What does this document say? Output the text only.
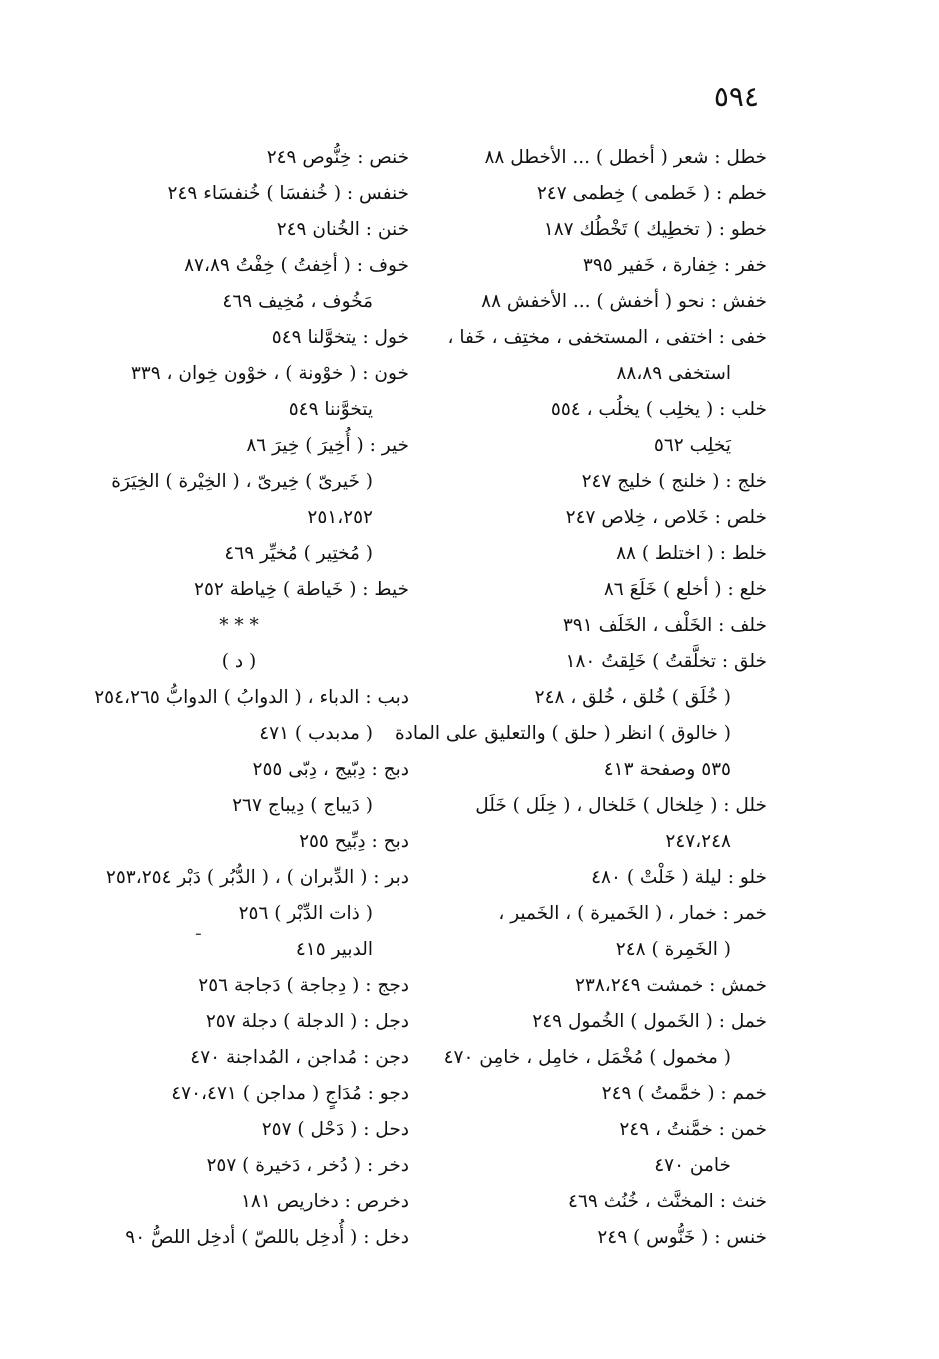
٥٩٤
خطل : شعر ( أخطل ) ... الأخطل ٨٨
خطم : ( خَطمى ) خِطمى ٢٤٧
خطو : ( تخطِيك ) تَخْطُك ١٨٧
خفر : خِفارة ، خَفير ٣٩٥
خفش : نحو ( أخفش ) ... الأخفش ٨٨
خفى : اختفى ، المستخفى ، مختِف ، خَفا ،
استخفى ٨٨،٨٩
خلب : ( يخلِب ) يخلُب ، ٥٥٤
يَخلِب ٥٦٢
خلج : ( خلنج ) خليج ٢٤٧
خلص : خَلاص ، خِلاص ٢٤٧
خلط : ( اختلط ) ٨٨
خلع : ( أخلع ) خَلَعَ ٨٦
خلف : الخَلْف ، الخَلَف ٣٩١
خلق : تخلَّقتُ ) خَلِقتُ ١٨٠
( خُلَق ) خُلق ، خُلق ، ٢٤٨
( خالوق ) انظر ( حلق ) والتعليق على المادة
٥٣٥ وصفحة ٤١٣
خلل : ( خِلخال ) خَلخال ، ( خِلَل ) خَلَل
٢٤٧،٢٤٨
خلو : ليلة ( خَلْتْ ) ٤٨٠
خمر : خمار ، ( الخَميرة ) ، الخَمير ،
( الخَمِرة ) ٢٤٨
خمش : خمشت ٢٣٨،٢٤٩
خمل : ( الخَمول ) الخُمول ٢٤٩
( مخمول ) مُخْمَل ، خامِل ، خامِن ٤٧٠
خمم : ( خمَّمتُ ) ٢٤٩
خمن : خمَّنتُ ، ٢٤٩
خامن ٤٧٠
خنث : المخنَّث ، خُنُث ٤٦٩
خنس : ( خَنُّوس ) ٢٤٩
خنص : خِنُّوص ٢٤٩
خنفس : ( خُنفسَا ) خُنفسَاء ٢٤٩
خنن : الخُنان ٢٤٩
خوف : ( أخِفتُ ) خِفْتُ ٨٧،٨٩
مَخُوف ، مُخِيف ٤٦٩
خول : يتخوَّلنا ٥٤٩
خون : ( خوْونة ) ، خوْون خِوان ، ٣٣٩
يتخوَّننا ٥٤٩
خير : ( أُخِيرَ ) خِيرَ ٨٦
( خَيرىّ ) خِيرىّ ، ( الخِيْرة ) الخِيَرَة
٢٥١،٢٥٢
( مُختِير ) مُخيِّر ٤٦٩
خيط : ( خَياطة ) خِياطة ٢٥٢
* * *
( د )
دبب : الدباء ، ( الدوابُ ) الدوابُّ ٢٥٤،٢٦٥
( مدبدب ) ٤٧١
دبج : دِبّيج ، دِبّى ٢٥٥
( دَيباج ) دِيباج ٢٦٧
دبح : دِبِّيح ٢٥٥
دبر : ( الدِّبران ) ، ( الدُّبُر ) دَبْر ٢٥٣،٢٥٤
( ذات الدِّبْر ) ٢٥٦
الدبير ٤١٥
دجج : ( دِجاجة ) دَجاجة ٢٥٦
دجل : ( الدجلة ) دجلة ٢٥٧
دجن : مُداجن ، المُداجنة ٤٧٠
دجو : مُدَاجٍ ( مداجن ) ٤٧٠،٤٧١
دحل : ( دَحْل ) ٢٥٧
دخر : ( دُخر ، دَخيرة ) ٢٥٧
دخرص : دخاريص ١٨١
دخل : ( أُدخِل باللصّ ) أدخِل اللصُّ ٩٠
ـ
